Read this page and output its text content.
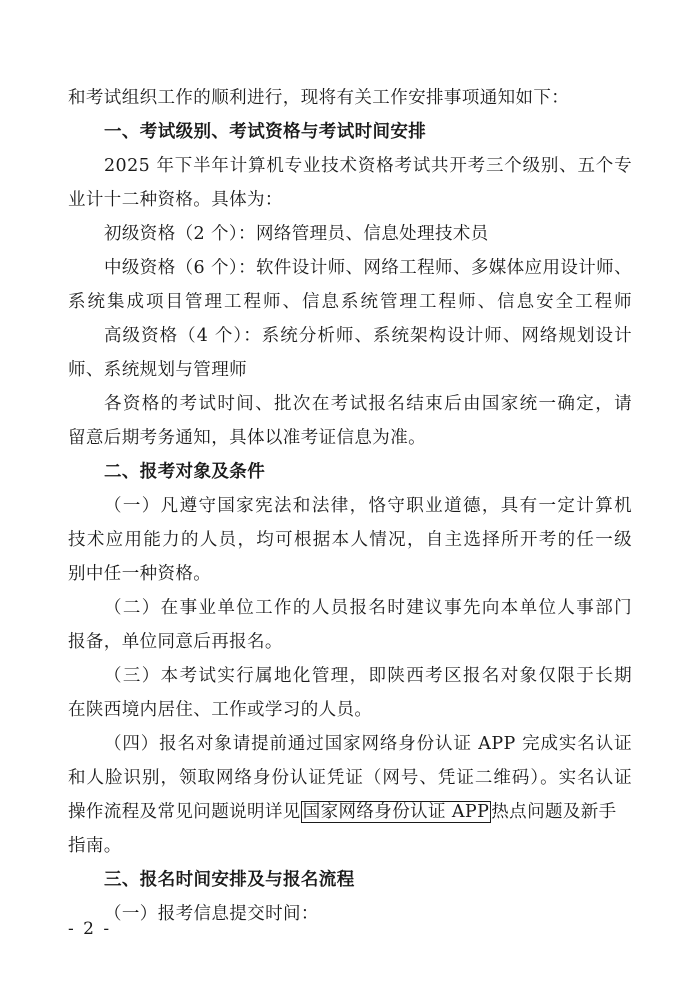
和考试组织工作的顺利进行，现将有关工作安排事项通知如下：
一、考试级别、考试资格与考试时间安排
2025 年下半年计算机专业技术资格考试共开考三个级别、五个专
业计十二种资格。具体为：
初级资格（2 个）：网络管理员、信息处理技术员
中级资格（6 个）：软件设计师、网络工程师、多媒体应用设计师、
系统集成项目管理工程师、信息系统管理工程师、信息安全工程师
高级资格（4 个）：系统分析师、系统架构设计师、网络规划设计
师、系统规划与管理师
各资格的考试时间、批次在考试报名结束后由国家统一确定，请
留意后期考务通知，具体以准考证信息为准。
二、报考对象及条件
（一）凡遵守国家宪法和法律，恪守职业道德，具有一定计算机
技术应用能力的人员，均可根据本人情况，自主选择所开考的任一级
别中任一种资格。
（二）在事业单位工作的人员报名时建议事先向本单位人事部门
报备，单位同意后再报名。
（三）本考试实行属地化管理，即陕西考区报名对象仅限于长期
在陕西境内居住、工作或学习的人员。
（四）报名对象请提前通过国家网络身份认证 APP 完成实名认证
和人脸识别，领取网络身份认证凭证（网号、凭证二维码）。实名认证
操作流程及常见问题说明详见 国家网络身份认证 APP 热点问题及新手
指南。
三、报名时间安排及与报名流程
（一）报考信息提交时间：
- 2 -
